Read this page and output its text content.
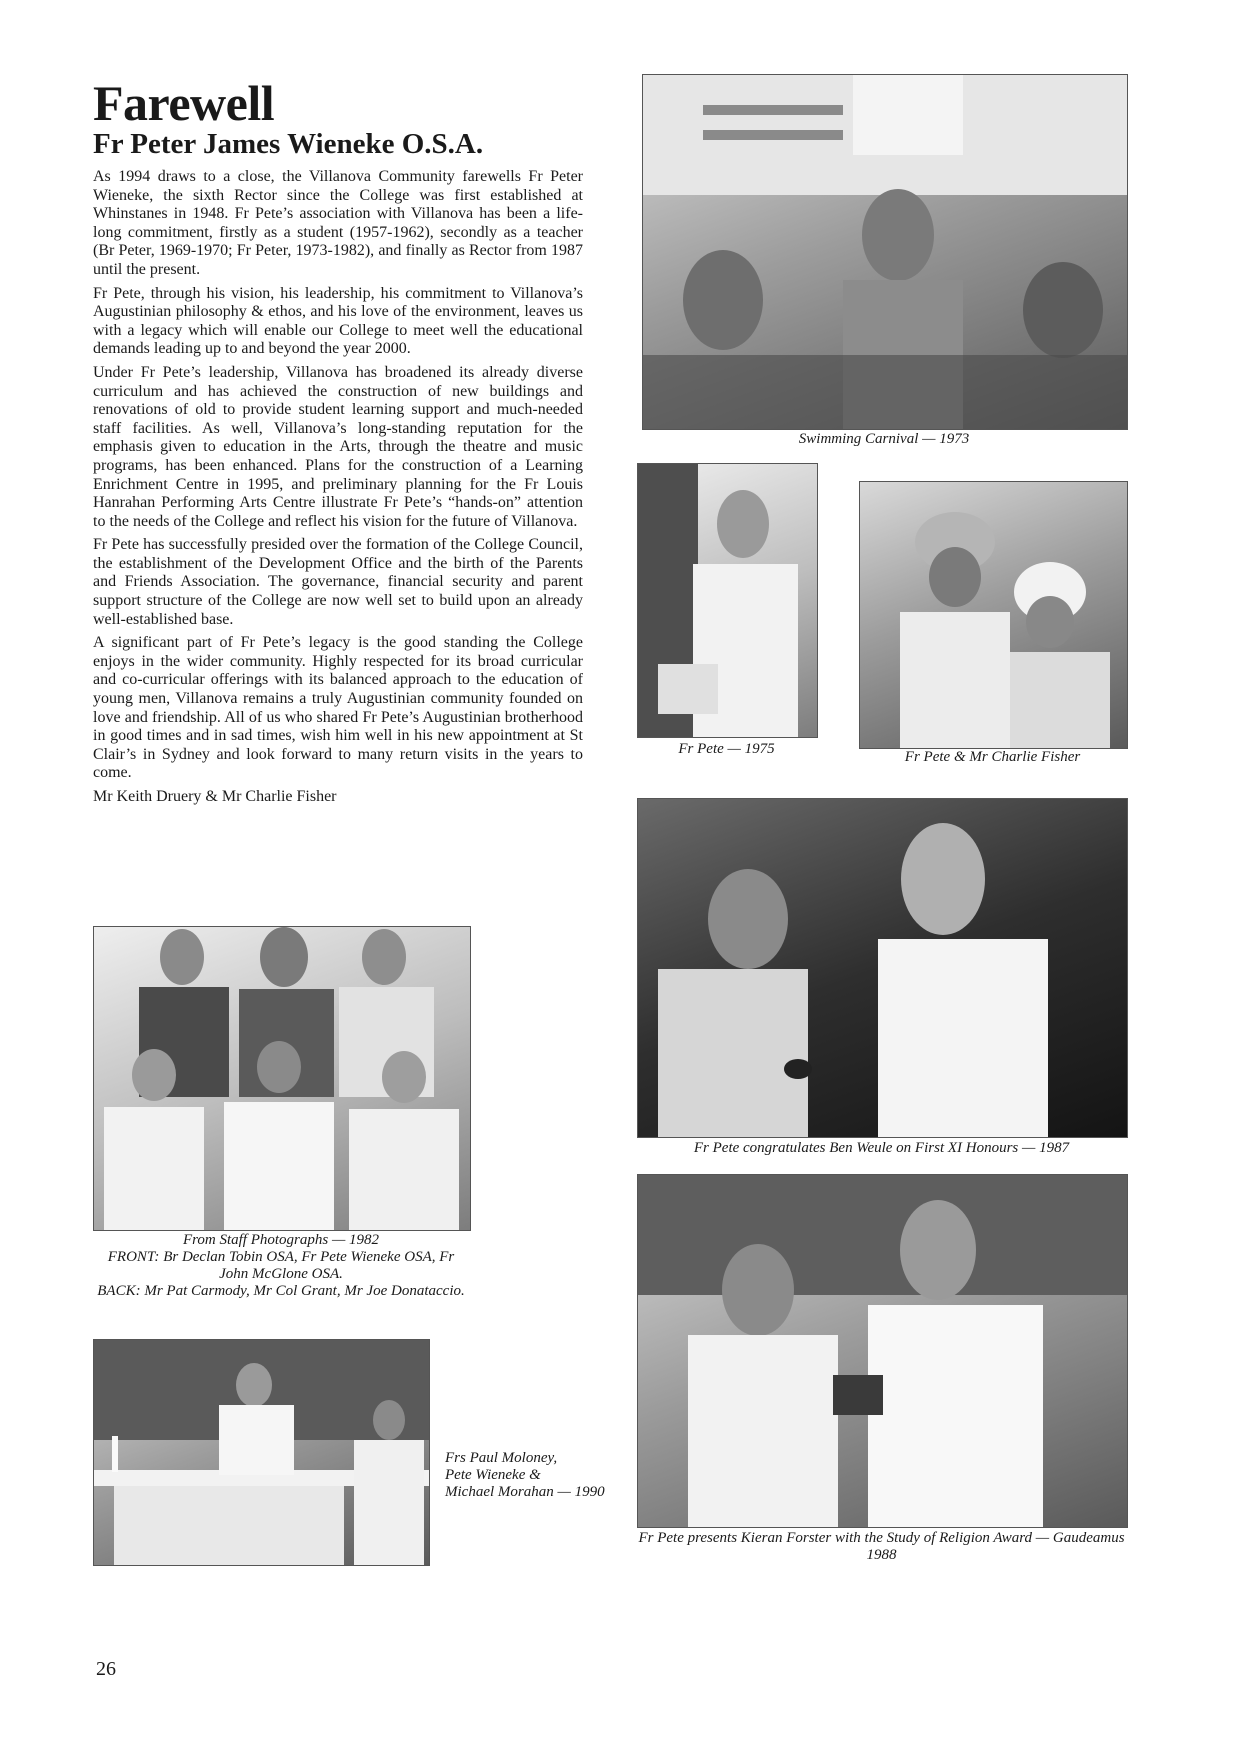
Farewell
Fr Peter James Wieneke O.S.A.

As 1994 draws to a close, the Villanova Community farewells Fr Peter Wieneke, the sixth Rector since the College was first established at Whinstanes in 1948. Fr Pete’s association with Villanova has been a life-long commitment, firstly as a student (1957-1962), secondly as a teacher (Br Peter, 1969-1970; Fr Peter, 1973-1982), and finally as Rector from 1987 until the present.

Fr Pete, through his vision, his leadership, his commitment to Villanova’s Augustinian philosophy & ethos, and his love of the environment, leaves us with a legacy which will enable our College to meet well the educational demands leading up to and beyond the year 2000.

Under Fr Pete’s leadership, Villanova has broadened its already diverse curriculum and has achieved the construction of new buildings and renovations of old to provide student learning support and much-needed staff facilities. As well, Villanova’s long-standing reputation for the emphasis given to education in the Arts, through the theatre and music programs, has been enhanced. Plans for the construction of a Learning Enrichment Centre in 1995, and preliminary planning for the Fr Louis Hanrahan Performing Arts Centre illustrate Fr Pete’s “hands-on” attention to the needs of the College and reflect his vision for the future of Villanova.

Fr Pete has successfully presided over the formation of the College Council, the establishment of the Development Office and the birth of the Parents and Friends Association. The governance, financial security and parent support structure of the College are now well set to build upon an already well-established base.

A significant part of Fr Pete’s legacy is the good standing the College enjoys in the wider community. Highly respected for its broad curricular and co-curricular offerings with its balanced approach to the education of young men, Villanova remains a truly Augustinian community founded on love and friendship. All of us who shared Fr Pete’s Augustinian brotherhood in good times and in sad times, wish him well in his new appointment at St Clair’s in Sydney and look forward to many return visits in the years to come.

Mr Keith Druery & Mr Charlie Fisher

Swimming Carnival — 1973
Fr Pete — 1975	Fr Pete & Mr Charlie Fisher
Fr Pete congratulates Ben Weule on First XI Honours — 1987
From Staff Photographs — 1982
FRONT: Br Declan Tobin OSA, Fr Pete Wieneke OSA, Fr John McGlone OSA.
BACK: Mr Pat Carmody, Mr Col Grant, Mr Joe Donataccio.
Frs Paul Moloney,
Pete Wieneke &
Michael Morahan — 1990
Fr Pete presents Kieran Forster with the Study of Religion Award — Gaudeamus 1988
26
